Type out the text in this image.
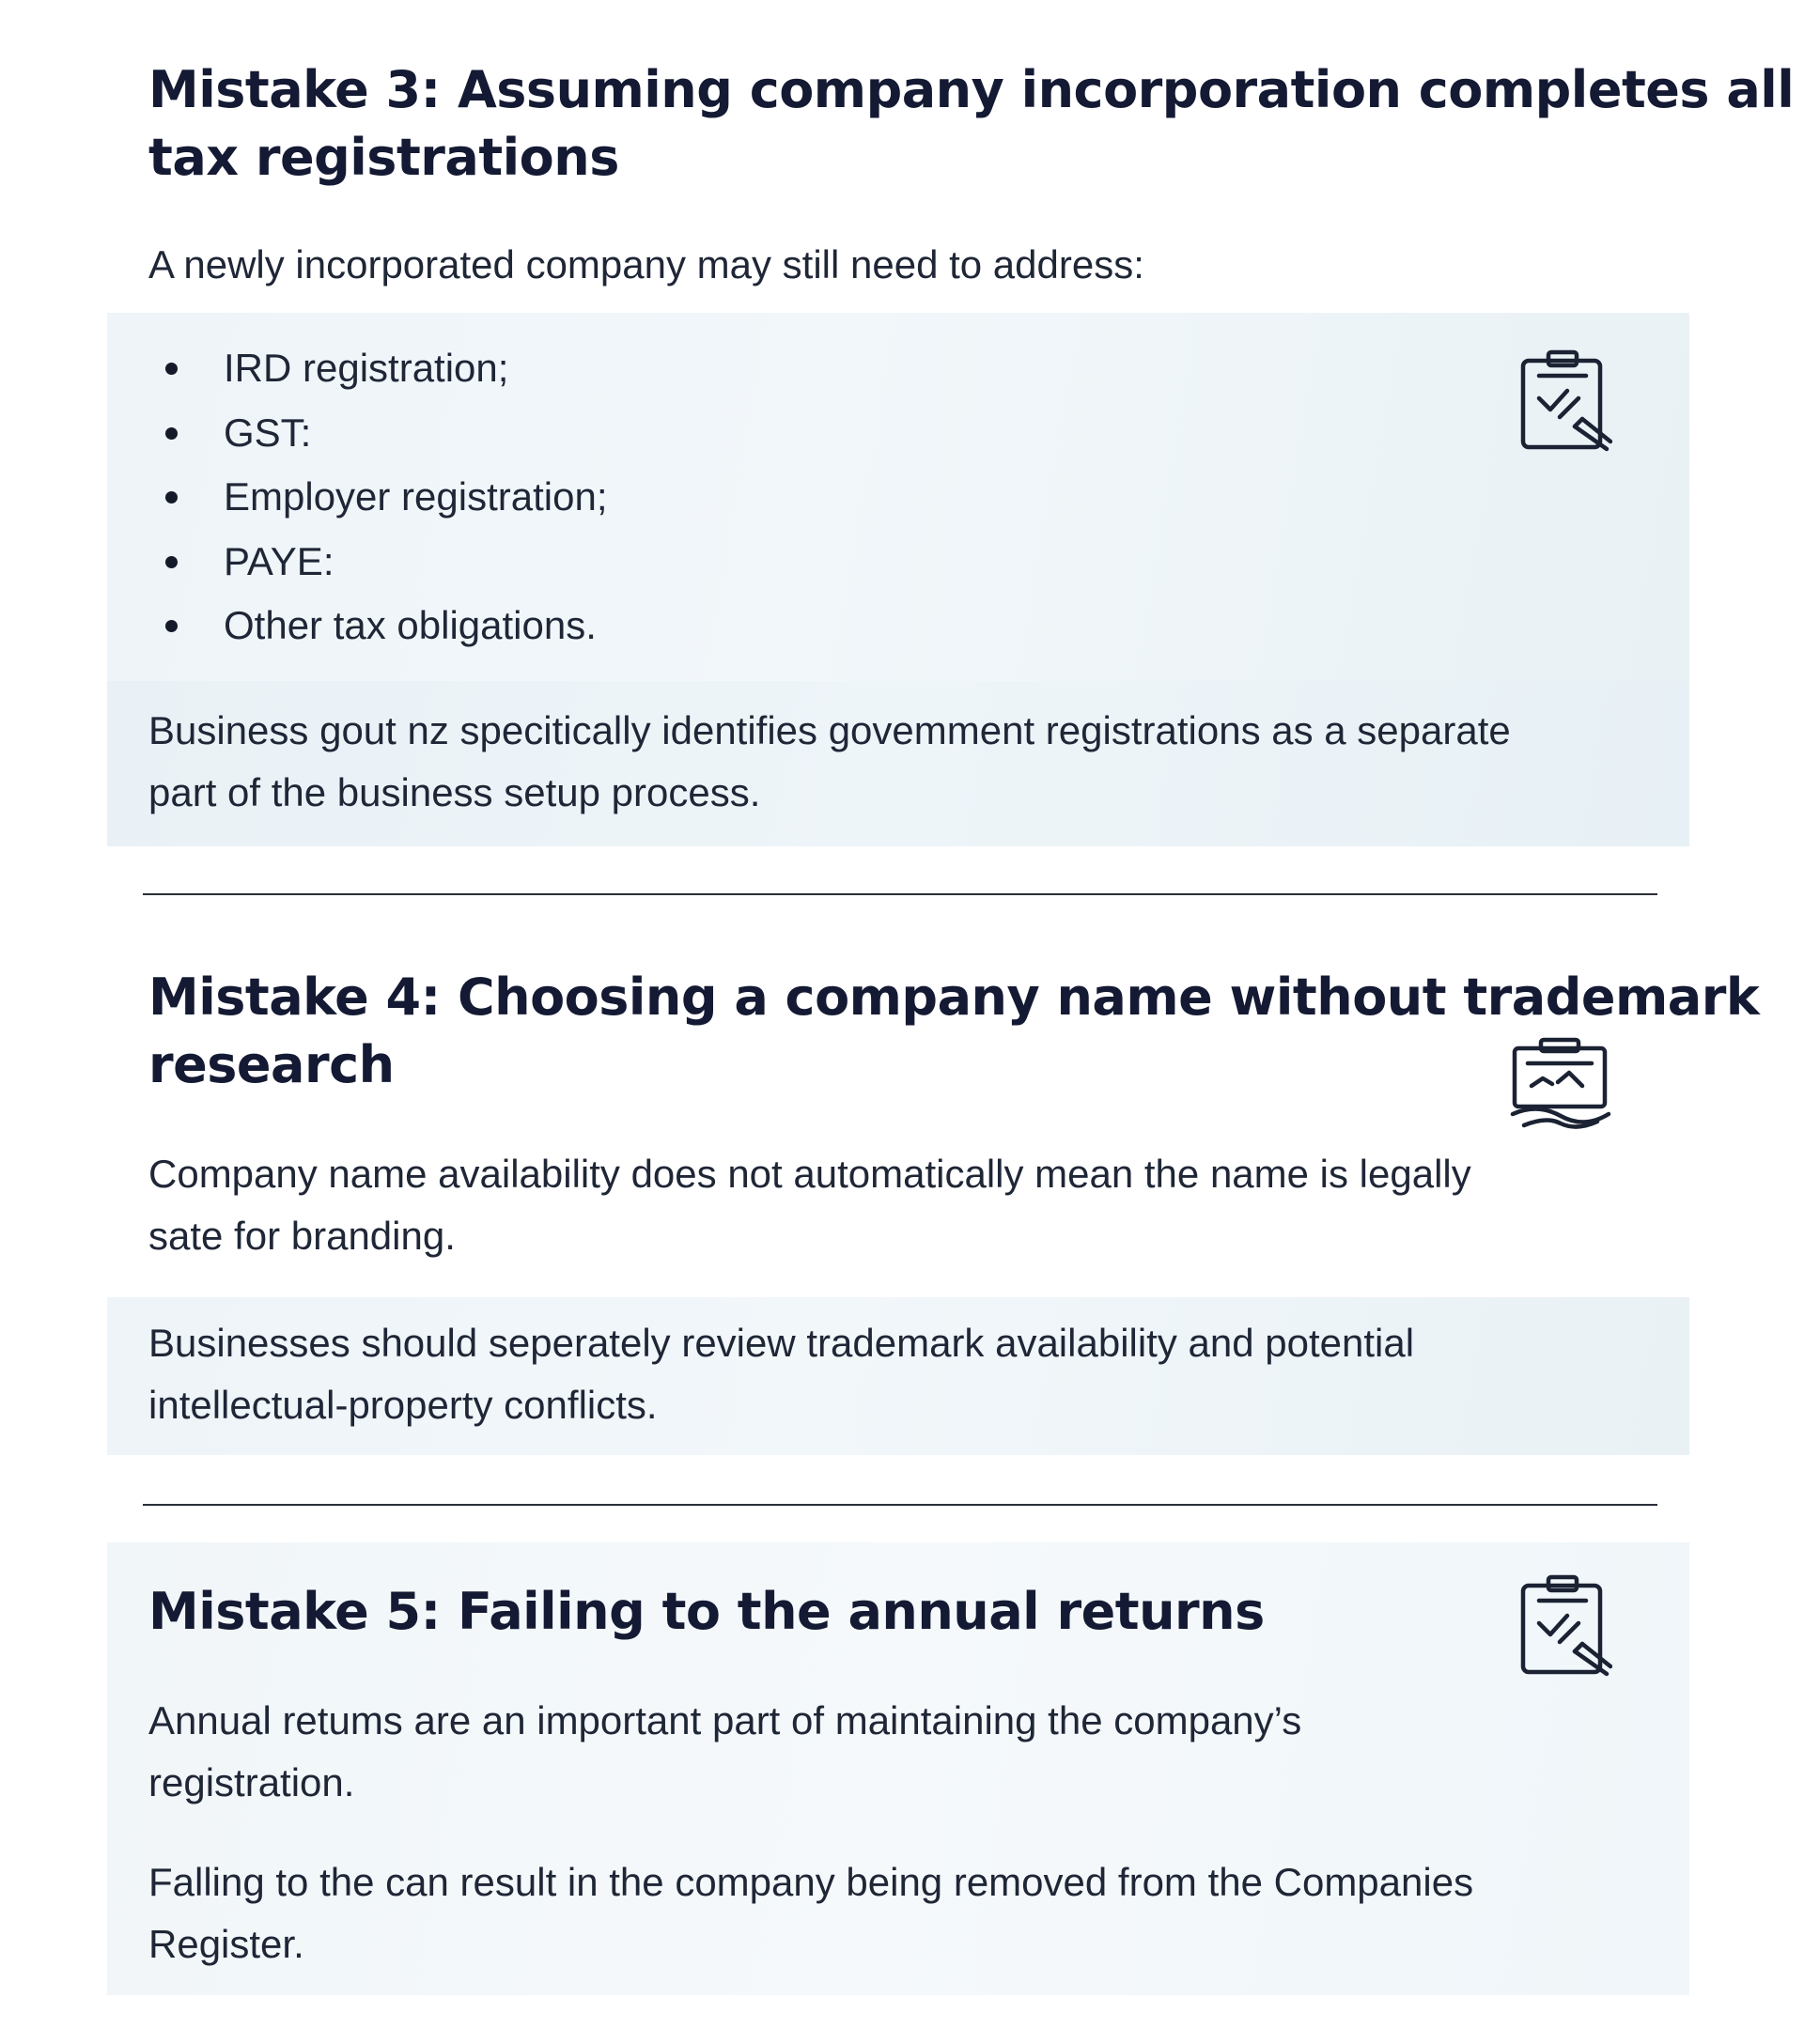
Mistake 3: Assuming company incorporation completes all
tax registrations

A newly incorporated company may still need to address:

IRD registration;
GST:
Employer registration;
PAYE:
Other tax obligations.

Business gout nz specitically identifies govemment registrations as a separate
part of the business setup process.

Mistake 4: Choosing a company name without trademark
research

Company name availability does not automatically mean the name is legally
sate for branding.

Businesses should seperately review trademark availability and potential
intellectual-property conflicts.

Mistake 5: Failing to the annual returns

Annual retums are an important part of maintaining the company’s
registration.

Falling to the can result in the company being removed from the Companies
Register.
